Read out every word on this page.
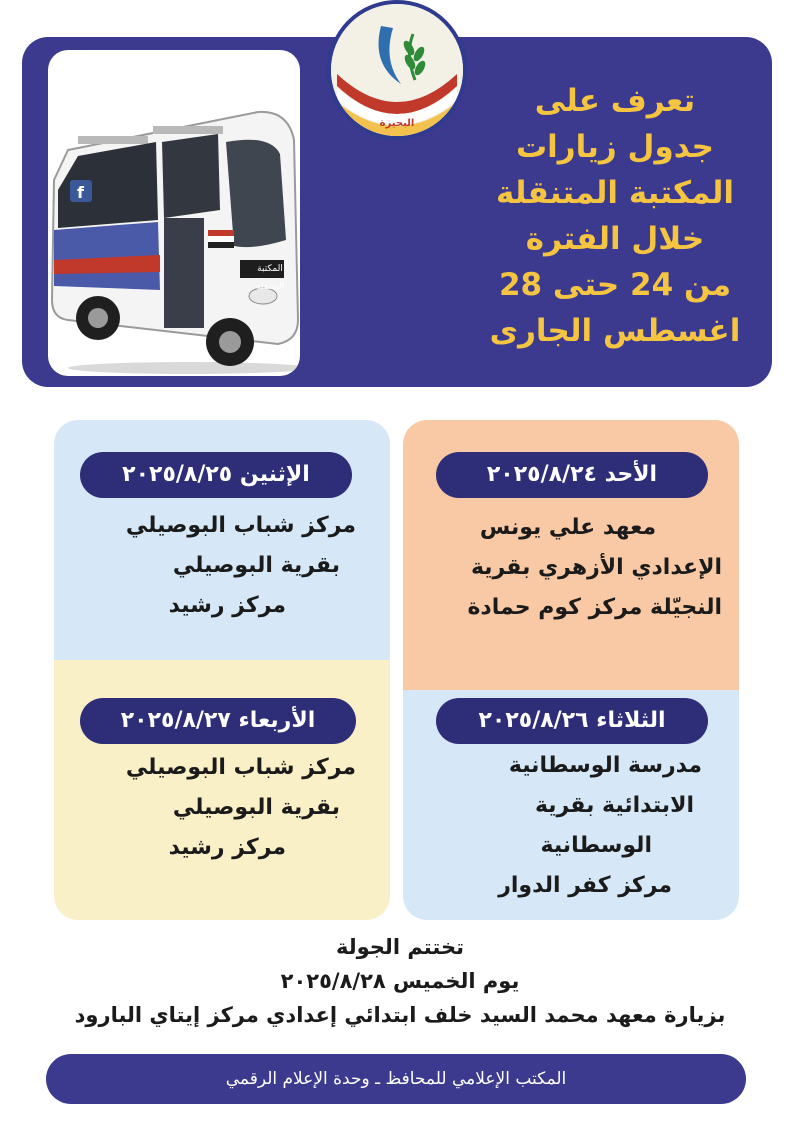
f
المكتبة المتنقلة
تعرف على
جدول زيارات
المكتبة المتنقلة
خلال الفترة
من 24 حتى 28
اغسطس الجارى
البحيرة
الأحد ٢٠٢٥/٨/٢٤
معهد علي يونس
الإعدادي الأزهري بقرية
النجيّلة مركز كوم حمادة
الإثنين ٢٠٢٥/٨/٢٥
مركز شباب البوصيلي
بقرية البوصيلي
مركز رشيد
الثلاثاء ٢٠٢٥/٨/٢٦
مدرسة الوسطانية
الابتدائية بقرية
الوسطانية
مركز كفر الدوار
الأربعاء ٢٠٢٥/٨/٢٧
مركز شباب البوصيلي
بقرية البوصيلي
مركز رشيد
تختتم الجولة
يوم الخميس ٢٠٢٥/٨/٢٨
بزيارة معهد محمد السيد خلف ابتدائي إعدادي مركز إيتاي البارود
المكتب الإعلامي للمحافظ ـ وحدة الإعلام الرقمي
